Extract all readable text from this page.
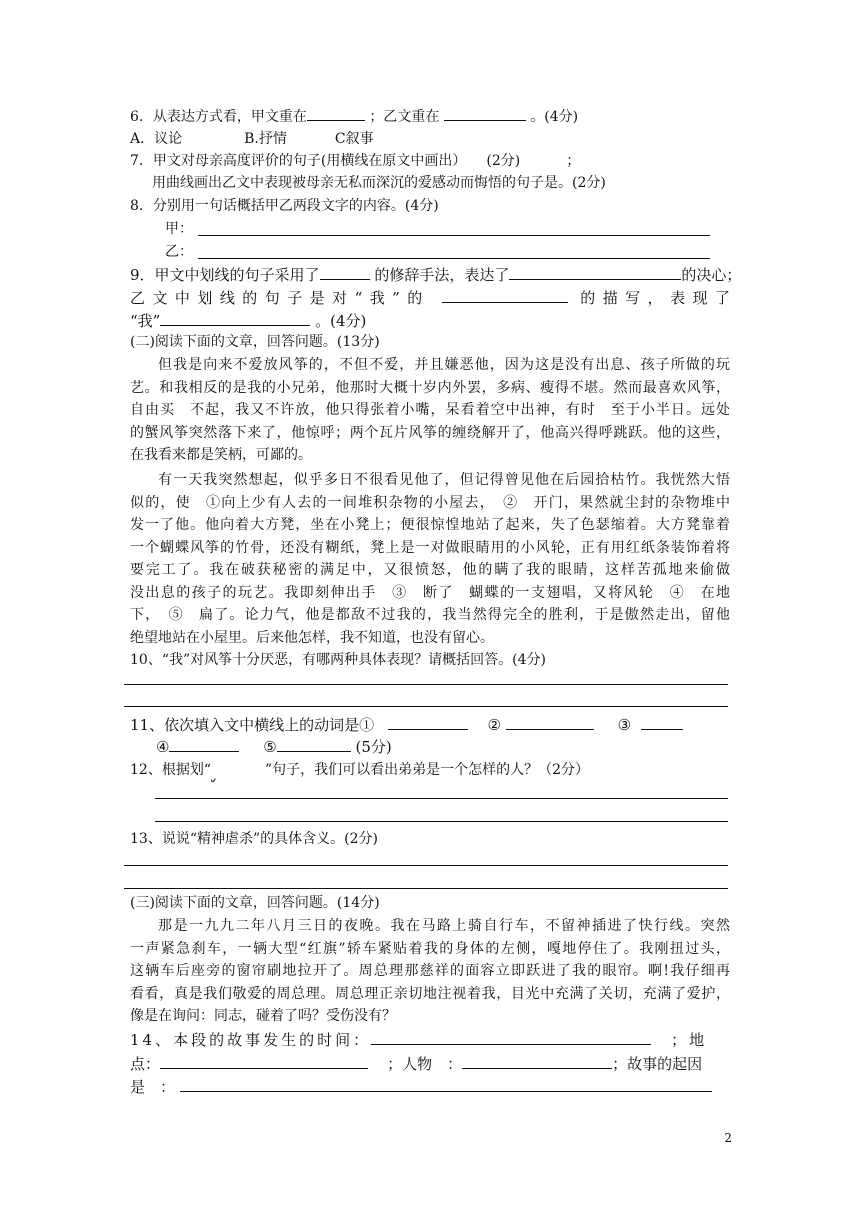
6．从表达方式看，甲文重在	；乙文重在	。(4分)
A．议论	B.抒情	C叙事
7．甲文对母亲高度评价的句子(用横线在原文中画出） (2分)	；
用曲线画出乙文中表现被母亲无私而深沉的爱感动而悔悟的句子是。(2分)
8．分别用一句话概括甲乙两段文字的内容。(4分)
甲：
乙：
9．甲文中划线的句子采用了	的修辞手法，表达了	的决心；
乙文中划线的句子是对“我”的	的描写，表现了
“我”	。(4分)
(二)阅读下面的文章，回答问题。(13分)
但我是向来不爱放风筝的，不但不爱，并且嫌恶他，因为这是没有出息、孩子所做的玩
艺。和我相反的是我的小兄弟，他那时大概十岁内外罢，多病、瘦得不堪。然而最喜欢风筝，
自由买　不起，我又不许放，他只得张着小嘴，呆看着空中出神，有时　至于小半日。远处
的蟹风筝突然落下来了，他惊呼；两个瓦片风筝的缠绕解开了，他高兴得呼跳跃。他的这些，
在我看来都是笑柄，可鄙的。
有一天我突然想起，似乎多日不很看见他了，但记得曾见他在后园拾枯竹。我恍然大悟
似的，使　①向上少有人去的一间堆积杂物的小屋去，　②　开门，果然就尘封的杂物堆中
发一了他。他向着大方凳，坐在小凳上；便很惊惶地站了起来，失了色瑟缩着。大方凳靠着
一个蝴蝶风筝的竹骨，还没有糊纸，凳上是一对做眼睛用的小风轮，正有用红纸条装饰着将
要完工了。我在破获秘密的满足中，又很愤怒，他的瞒了我的眼睛，这样苦孤地来偷做
没出息的孩子的玩艺。我即刻伸出手　③　断了　蝴蝶的一支翅唱，又将风轮　④　在地
下，　⑤　扁了。论力气，他是都敌不过我的，我当然得完全的胜利，于是傲然走出，留他
绝望地站在小屋里。后来他怎样，我不知道，也没有留心。
10、“我”对风筝十分厌恶，有哪两种具体表现？请概括回答。(4分)
11、依次填入文中横线上的动词是①	②	③
④	⑤	(5分)
12、根据划“	”句子，我们可以看出弟弟是一个怎样的人？（2分）
13、说说“精神虐杀”的具体含义。(2分)
(三)阅读下面的文章，回答问题。(14分)
那是一九九二年八月三日的夜晚。我在马路上骑自行车，不留神插进了快行线。突然
一声紧急刹车，一辆大型“红旗”轿车紧贴着我的身体的左侧，嘎地停住了。我刚扭过头，
这辆车后座旁的窗帘刷地拉开了。周总理那慈祥的面容立即跃进了我的眼帘。啊!我仔细再
看看，真是我们敬爱的周总理。周总理正亲切地注视着我，目光中充满了关切，充满了爱护，
像是在询问：同志，碰着了吗？受伤没有？
14、本段的故事发生的时间：	；地
点：	；人物　：	；故事的起因
是　：
2
